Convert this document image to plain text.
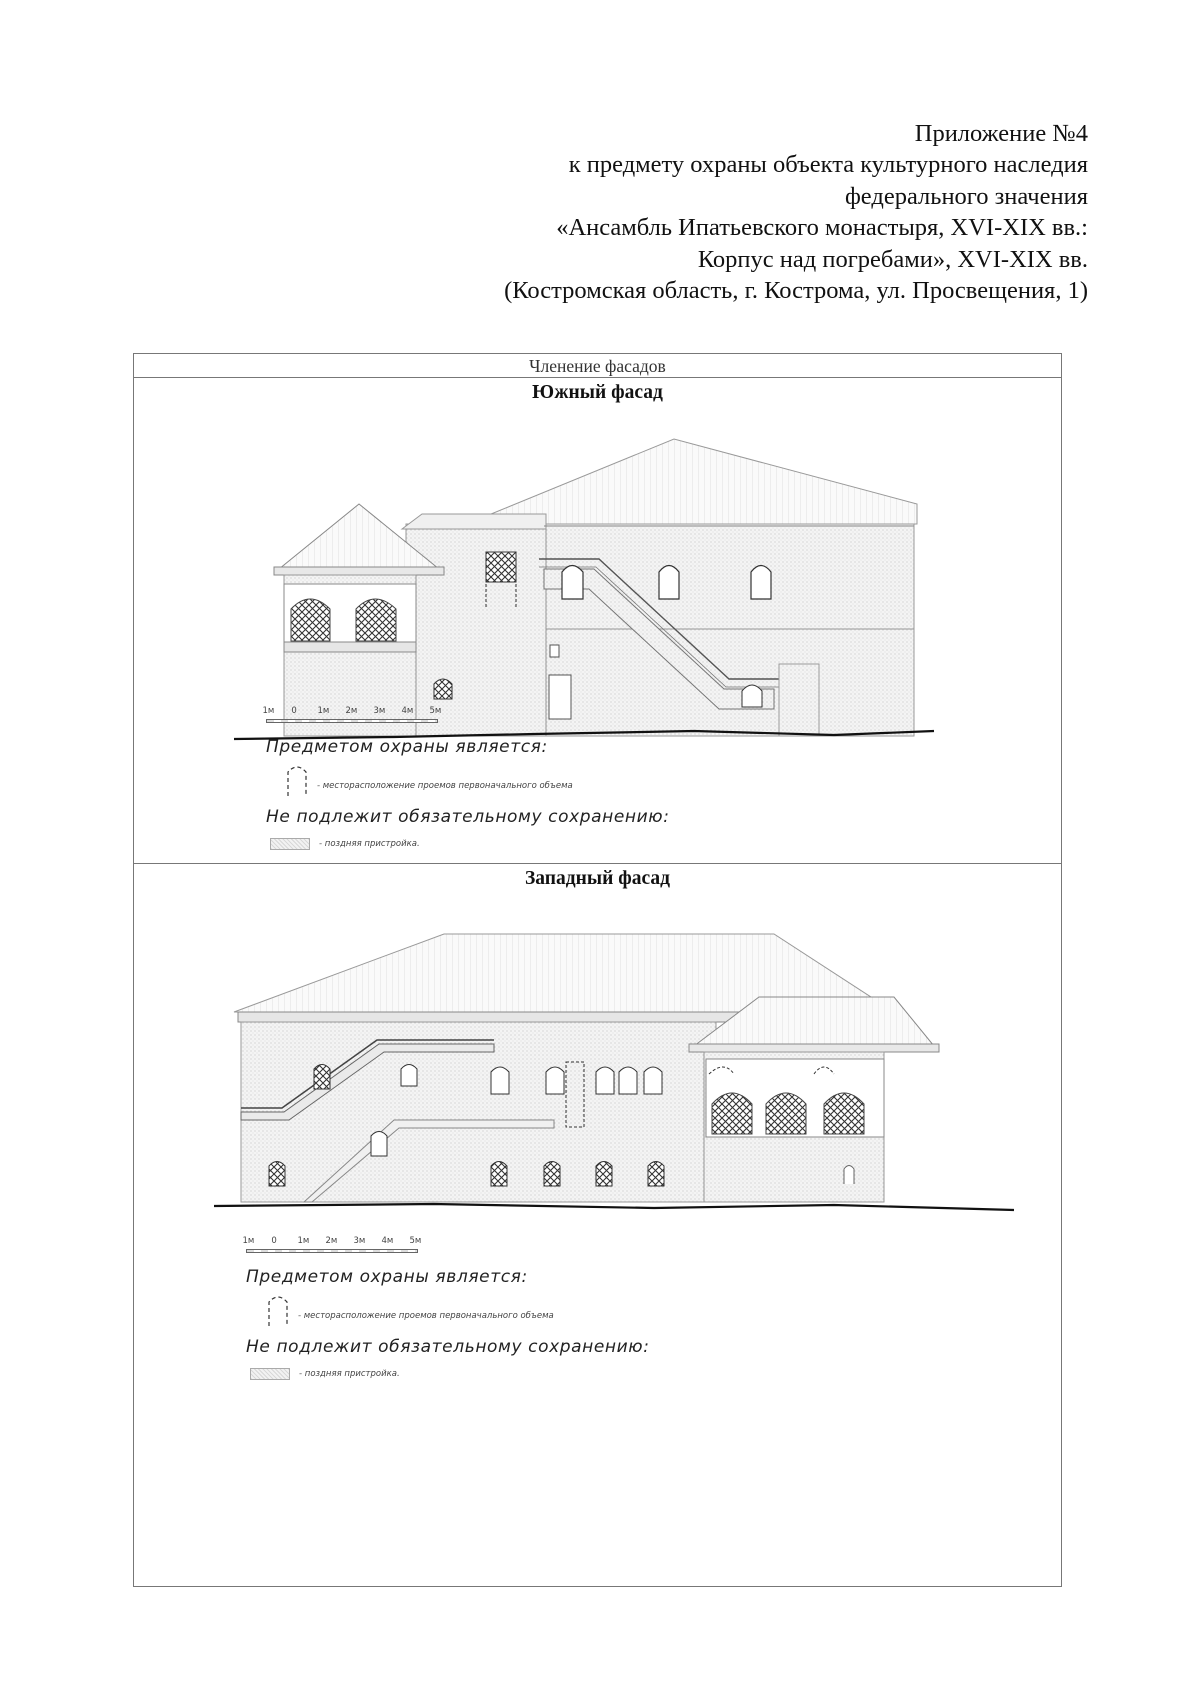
Приложение №4
к предмету охраны объекта культурного наследия
федерального значения
«Ансамбль Ипатьевского монастыря, XVI-XIX вв.:
Корпус над погребами», XVI-XIX вв.
(Костромская область, г. Кострома, ул. Просвещения, 1)
Членение фасадов
Южный фасад
1м 0 1м 2м 3м 4м 5м
Предметом охраны является:
- месторасположение проемов первоначального объема
Не подлежит обязательному сохранению:
- поздняя пристройка.
Западный фасад
1м 0 1м 2м 3м 4м 5м
Предметом охраны является:
- месторасположение проемов первоначального объема
Не подлежит обязательному сохранению:
- поздняя пристройка.
